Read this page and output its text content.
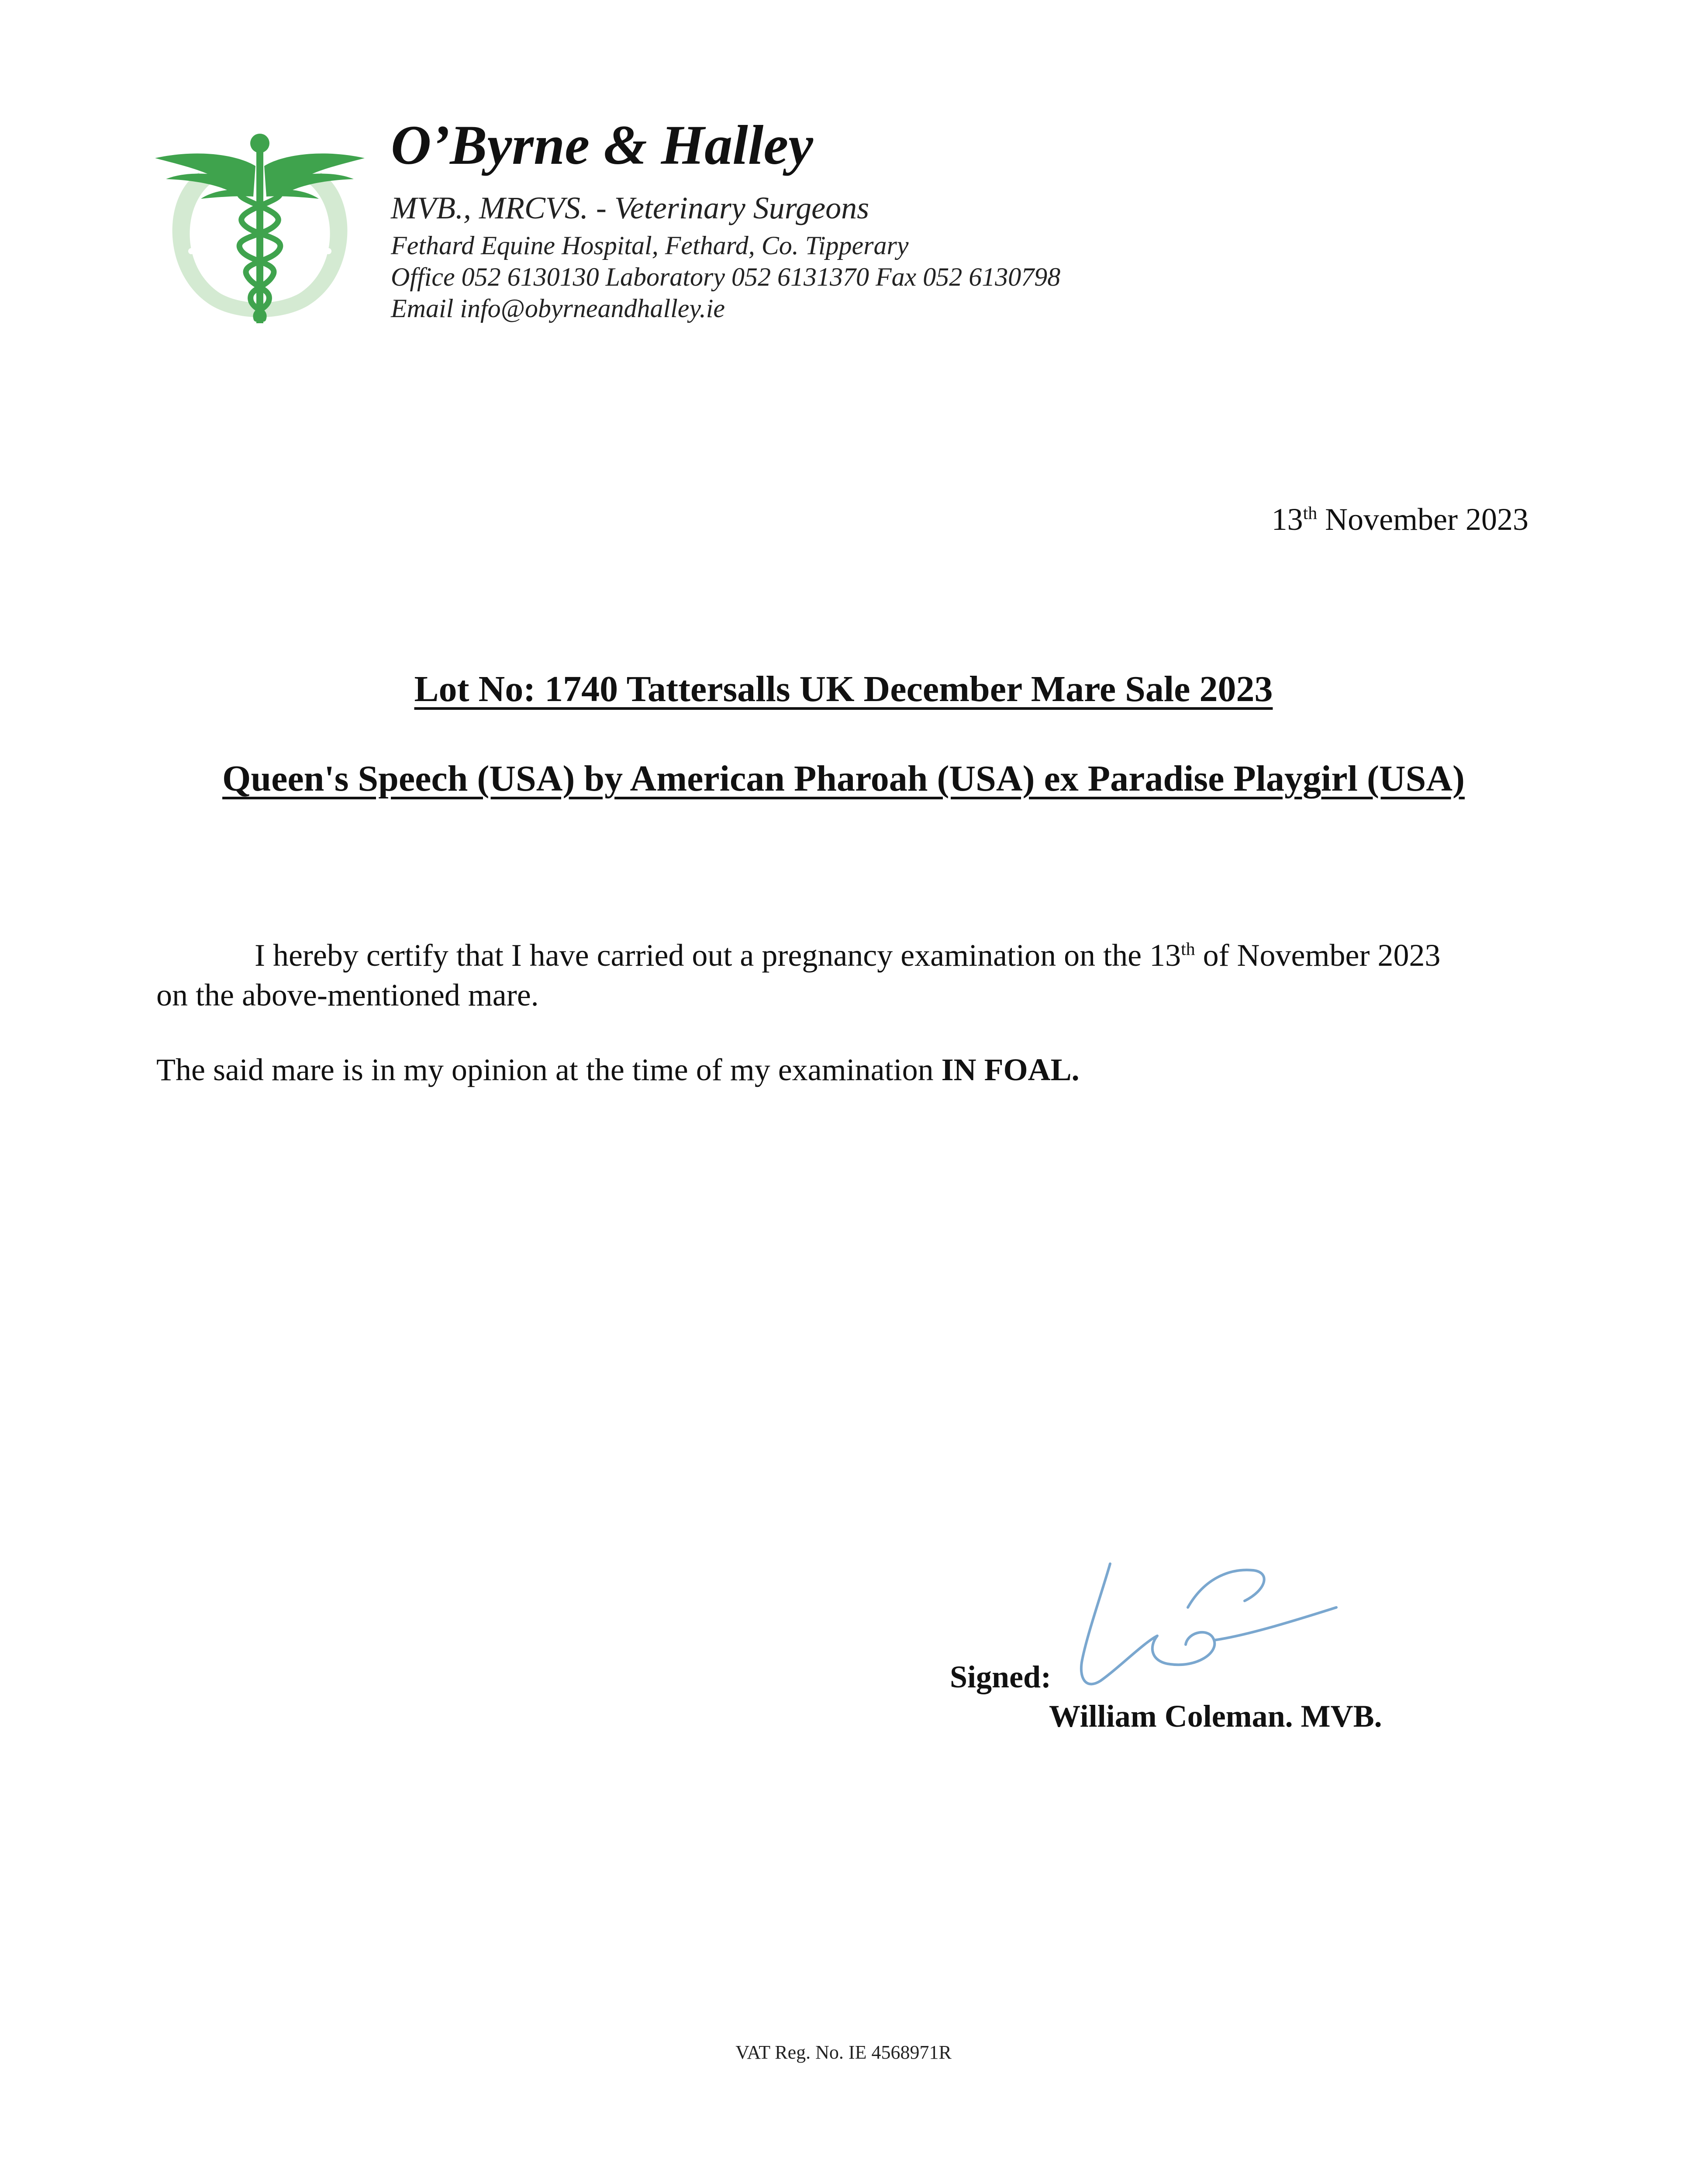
O’Byrne & Halley
MVB., MRCVS. - Veterinary Surgeons
Fethard Equine Hospital, Fethard, Co. Tipperary
Office 052 6130130 Laboratory 052 6131370 Fax 052 6130798
Email info@obyrneandhalley.ie
13th November 2023
Lot No: 1740 Tattersalls UK December Mare Sale 2023
Queen's Speech (USA) by American Pharoah (USA) ex Paradise Playgirl (USA)
I hereby certify that I have carried out a pregnancy examination on the 13th of November 2023
on the above-mentioned mare.
The said mare is in my opinion at the time of my examination IN FOAL.
Signed:
William Coleman. MVB.
VAT Reg. No. IE 4568971R
